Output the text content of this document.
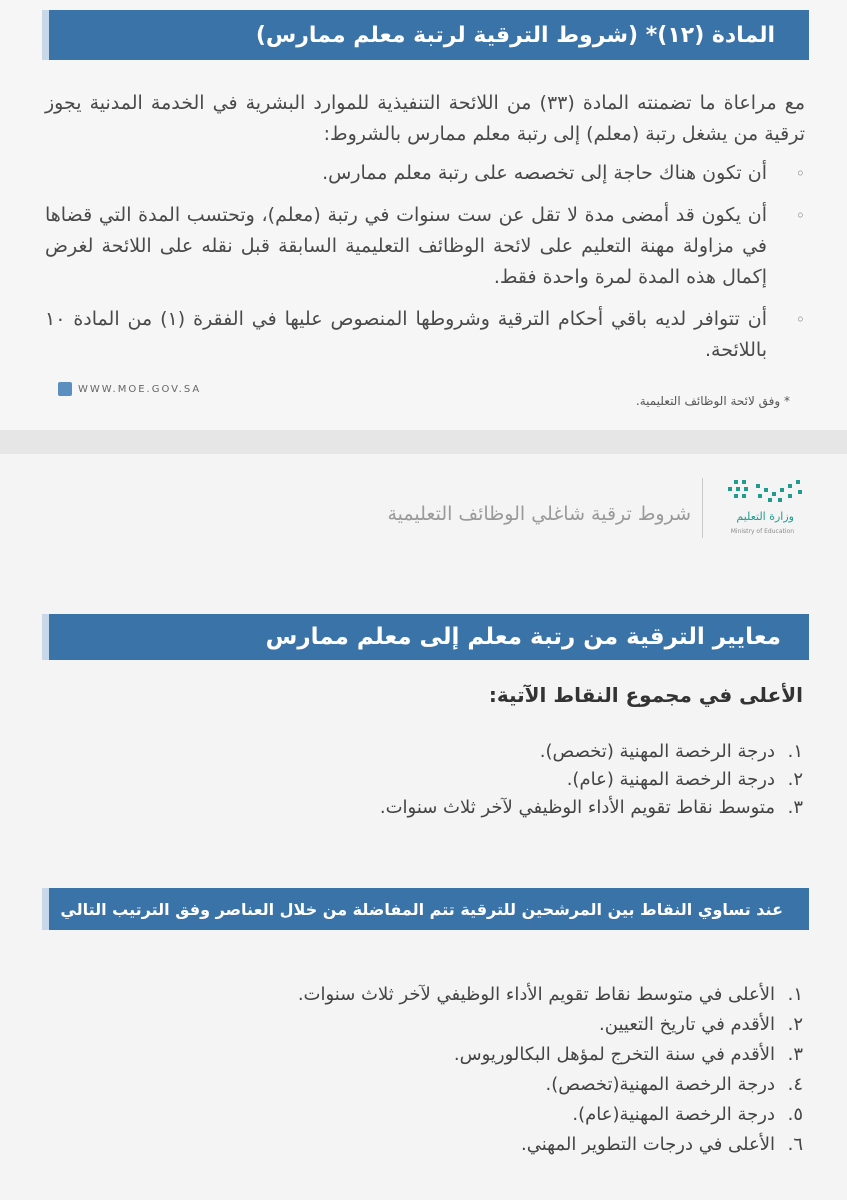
المادة (١٢)* (شروط الترقية لرتبة معلم ممارس)
مع مراعاة ما تضمنته المادة (٣٣) من اللائحة التنفيذية للموارد البشرية في الخدمة المدنية يجوز ترقية من يشغل رتبة (معلم) إلى رتبة معلم ممارس بالشروط:
◦
أن تكون هناك حاجة إلى تخصصه على رتبة معلم ممارس.
◦
أن يكون قد أمضى مدة لا تقل عن ست سنوات في رتبة (معلم)، وتحتسب المدة التي قضاها في مزاولة مهنة التعليم على لائحة الوظائف التعليمية السابقة قبل نقله على اللائحة لغرض إكمال هذه المدة لمرة واحدة فقط.
◦
أن تتوافر لديه باقي أحكام الترقية وشروطها المنصوص عليها في الفقرة (١) من المادة ١٠ باللائحة.
WWW.MOE.GOV.SA
* وفق لائحة الوظائف التعليمية.
وزارة التعليم
Ministry of Education
شروط ترقية شاغلي الوظائف التعليمية
معايير الترقية من رتبة معلم إلى معلم ممارس
الأعلى في مجموع النقاط الآتية:
١.
درجة الرخصة المهنية (تخصص).
٢.
درجة الرخصة المهنية (عام).
٣.
متوسط نقاط تقويم الأداء الوظيفي لآخر ثلاث سنوات.
عند تساوي النقاط بين المرشحين للترقية تتم المفاضلة من خلال العناصر وفق الترتيب التالي
١.
الأعلى في متوسط نقاط تقويم الأداء الوظيفي لآخر ثلاث سنوات.
٢.
الأقدم في تاريخ التعيين.
٣.
الأقدم في سنة التخرج لمؤهل البكالوريوس.
٤.
درجة الرخصة المهنية(تخصص).
٥.
درجة الرخصة المهنية(عام).
٦.
الأعلى في درجات التطوير المهني.
